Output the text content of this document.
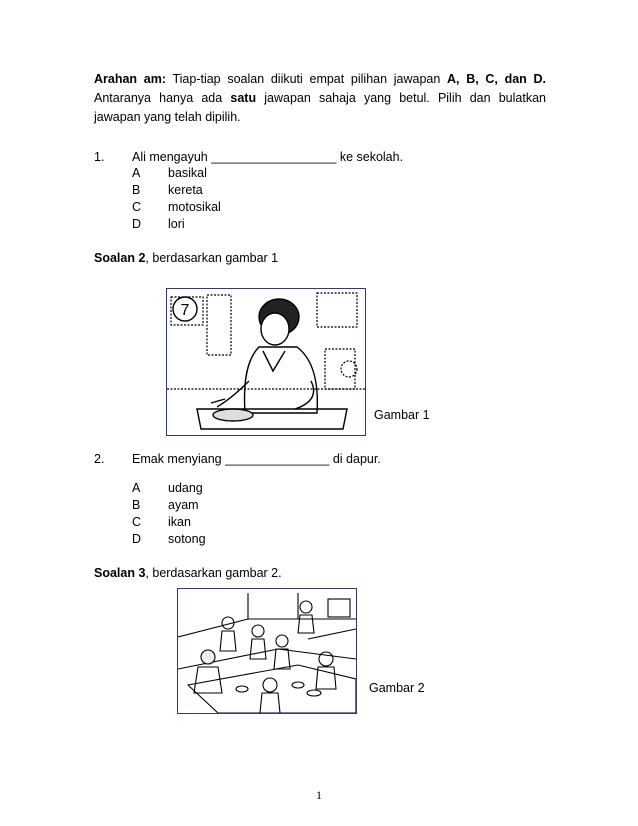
Arahan am: Tiap-tiap soalan diikuti empat pilihan jawapan A, B, C, dan D. Antaranya hanya ada satu jawapan sahaja yang betul. Pilih dan bulatkan jawapan yang telah dipilih.
1. Ali mengayuh __________________ ke sekolah.
A basikal
B kereta
C motosikal
D lori
Soalan 2, berdasarkan gambar 1
7
Gambar 1
2. Emak menyiang _______________ di dapur.
A udang
B ayam
C ikan
D sotong
Soalan 3, berdasarkan gambar 2.
Gambar 2
1
